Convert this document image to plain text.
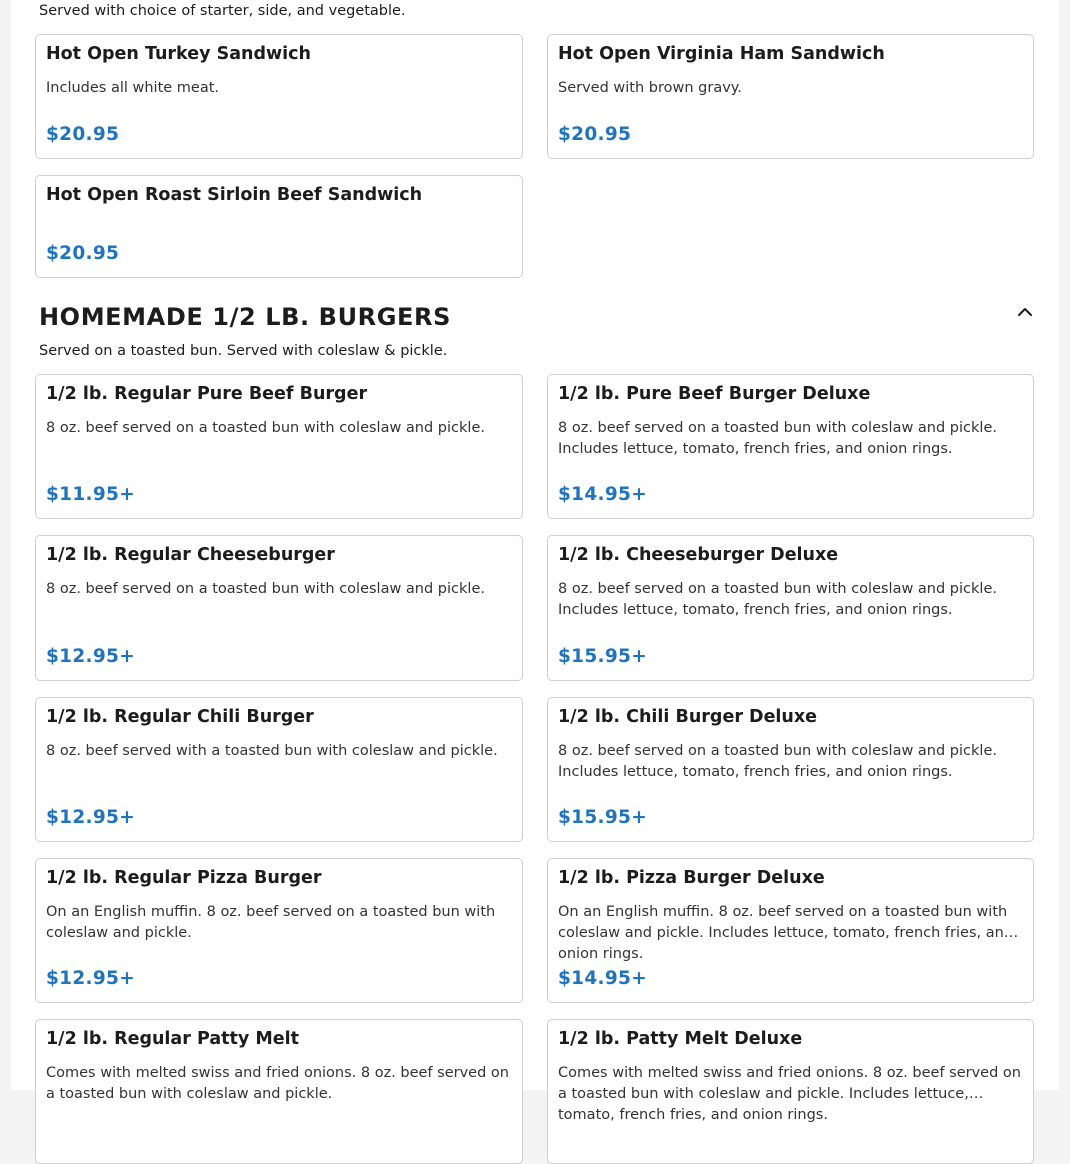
Served with choice of starter, side, and vegetable.

Hot Open Turkey Sandwich

Includes all white meat.

$20.95

Hot Open Virginia Ham Sandwich

Served with brown gravy.

$20.95

Hot Open Roast Sirloin Beef Sandwich

$20.95

HOMEMADE 1/2 LB. BURGERS
Served on a toasted bun. Served with coleslaw & pickle.

1/2 lb. Regular Pure Beef Burger

8 oz. beef served on a toasted bun with coleslaw and pickle.

$11.95+

1/2 lb. Pure Beef Burger Deluxe

8 oz. beef served on a toasted bun with coleslaw and pickle. Includes lettuce, tomato, french fries, and onion rings.

$14.95+

1/2 lb. Regular Cheeseburger

8 oz. beef served on a toasted bun with coleslaw and pickle.

$12.95+

1/2 lb. Cheeseburger Deluxe

8 oz. beef served on a toasted bun with coleslaw and pickle. Includes lettuce, tomato, french fries, and onion rings.

$15.95+

1/2 lb. Regular Chili Burger

8 oz. beef served with a toasted bun with coleslaw and pickle.

$12.95+

1/2 lb. Chili Burger Deluxe

8 oz. beef served on a toasted bun with coleslaw and pickle. Includes lettuce, tomato, french fries, and onion rings.

$15.95+

1/2 lb. Regular Pizza Burger

On an English muffin. 8 oz. beef served on a toasted bun with coleslaw and pickle.

$12.95+

1/2 lb. Pizza Burger Deluxe

On an English muffin. 8 oz. beef served on a toasted bun with coleslaw and pickle. Includes lettuce, tomato, french fries, and onion rings.

$14.95+

1/2 lb. Regular Patty Melt

Comes with melted swiss and fried onions. 8 oz. beef served on a toasted bun with coleslaw and pickle.

1/2 lb. Patty Melt Deluxe

Comes with melted swiss and fried onions. 8 oz. beef served on a toasted bun with coleslaw and pickle. Includes lettuce, tomato, french fries, and onion rings.
